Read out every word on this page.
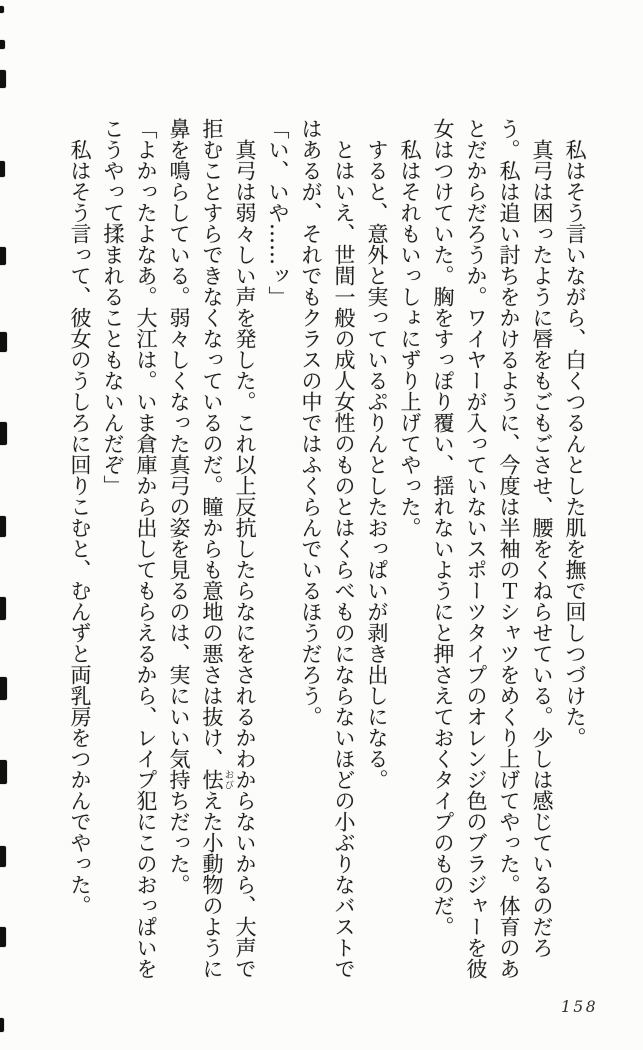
私はそう言いながら、白くつるんとした肌を撫で回しつづけた。

真弓は困ったように唇をもごもごさせ、腰をくねらせている。少しは感じているのだろう。私は追い討ちをかけるように、今度は半袖のＴシャツをめくり上げてやった。体育のあとだからだろうか。ワイヤーが入っていないスポーツタイプのオレンジ色のブラジャーを彼女はつけていた。胸をすっぽり覆い、揺れないようにと押さえておくタイプのものだ。

私はそれもいっしょにずり上げてやった。

すると、意外と実っているぷりんとしたおっぱいが剥き出しになる。

とはいえ、世間一般の成人女性のものとはくらべものにならないほどの小ぶりなバストではあるが、それでもクラスの中ではふくらんでいるほうだろう。

「い、いや……ッ」

真弓は弱々しい声を発した。これ以上反抗したらなにをされるかわからないから、大声で拒むことすらできなくなっているのだ。瞳からも意地の悪さは抜け、怯おびえた小動物のように鼻を鳴らしている。弱々しくなった真弓の姿を見るのは、実にいい気持ちだった。

「よかったよなあ。大江は。いま倉庫から出してもらえるから、レイプ犯にこのおっぱいをこうやって揉まれることもないんだぞ」

私はそう言って、彼女のうしろに回りこむと、むんずと両乳房をつかんでやった。

158
